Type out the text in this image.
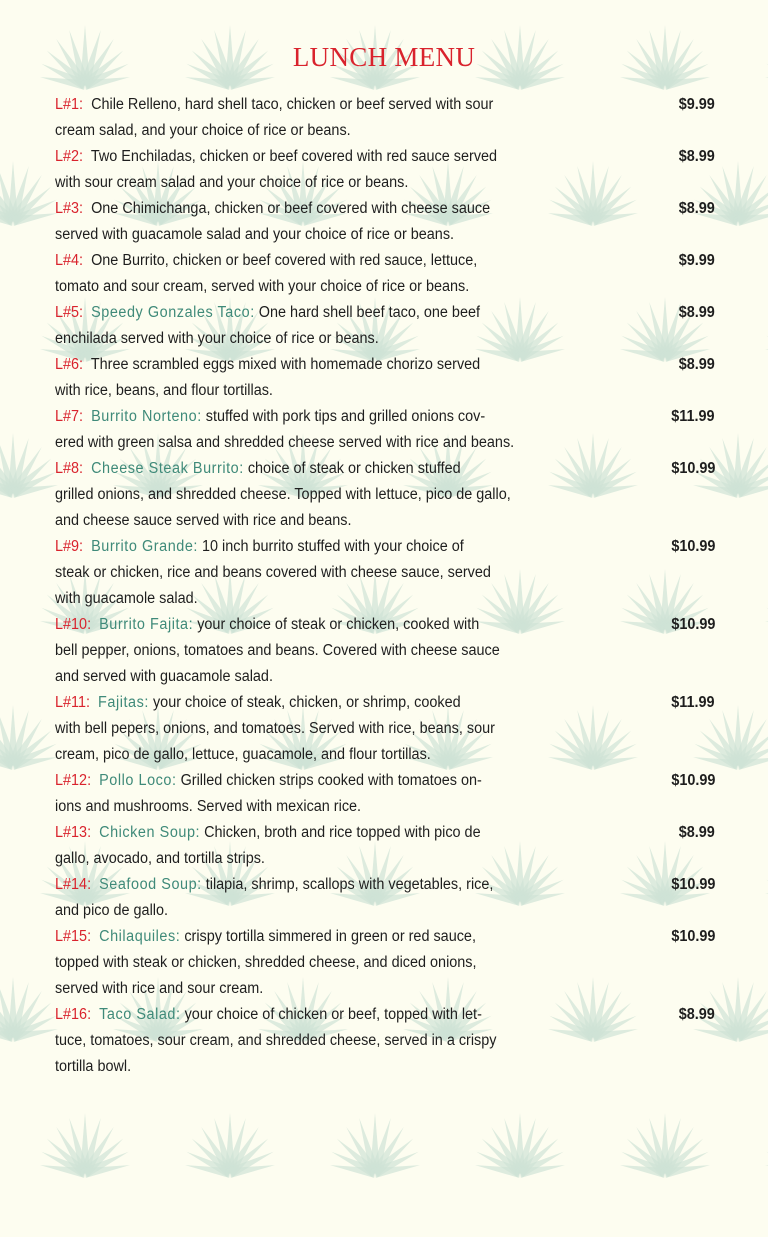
LUNCH MENU
L#1: Chile Relleno, hard shell taco, chicken or beef served with sour
cream salad, and your choice of rice or beans.
$9.99
L#2: Two Enchiladas, chicken or beef covered with red sauce served
with sour cream salad and your choice of rice or beans.
$8.99
L#3: One Chimichanga, chicken or beef covered with cheese sauce
served with guacamole salad and your choice of rice or beans.
$8.99
L#4: One Burrito, chicken or beef covered with red sauce, lettuce,
tomato and sour cream, served with your choice of rice or beans.
$9.99
L#5: Speedy Gonzales Taco: One hard shell beef taco, one beef
enchilada served with your choice of rice or beans.
$8.99
L#6: Three scrambled eggs mixed with homemade chorizo served
with rice, beans, and flour tortillas.
$8.99
L#7: Burrito Norteno: stuffed with pork tips and grilled onions cov-
ered with green salsa and shredded cheese served with rice and beans.
$11.99
L#8: Cheese Steak Burrito: choice of steak or chicken stuffed
grilled onions, and shredded cheese. Topped with lettuce, pico de gallo,
and cheese sauce served with rice and beans.
$10.99
L#9: Burrito Grande: 10 inch burrito stuffed with your choice of
steak or chicken, rice and beans covered with cheese sauce, served
with guacamole salad.
$10.99
L#10: Burrito Fajita: your choice of steak or chicken, cooked with
bell pepper, onions, tomatoes and beans. Covered with cheese sauce
and served with guacamole salad.
$10.99
L#11: Fajitas: your choice of steak, chicken, or shrimp, cooked
with bell pepers, onions, and tomatoes. Served with rice, beans, sour
cream, pico de gallo, lettuce, guacamole, and flour tortillas.
$11.99
L#12: Pollo Loco: Grilled chicken strips cooked with tomatoes on-
ions and mushrooms. Served with mexican rice.
$10.99
L#13: Chicken Soup: Chicken, broth and rice topped with pico de
gallo, avocado, and tortilla strips.
$8.99
L#14: Seafood Soup: tilapia, shrimp, scallops with vegetables, rice,
and pico de gallo.
$10.99
L#15: Chilaquiles: crispy tortilla simmered in green or red sauce,
topped with steak or chicken, shredded cheese, and diced onions,
served with rice and sour cream.
$10.99
L#16: Taco Salad: your choice of chicken or beef, topped with let-
tuce, tomatoes, sour cream, and shredded cheese, served in a crispy
tortilla bowl.
$8.99
